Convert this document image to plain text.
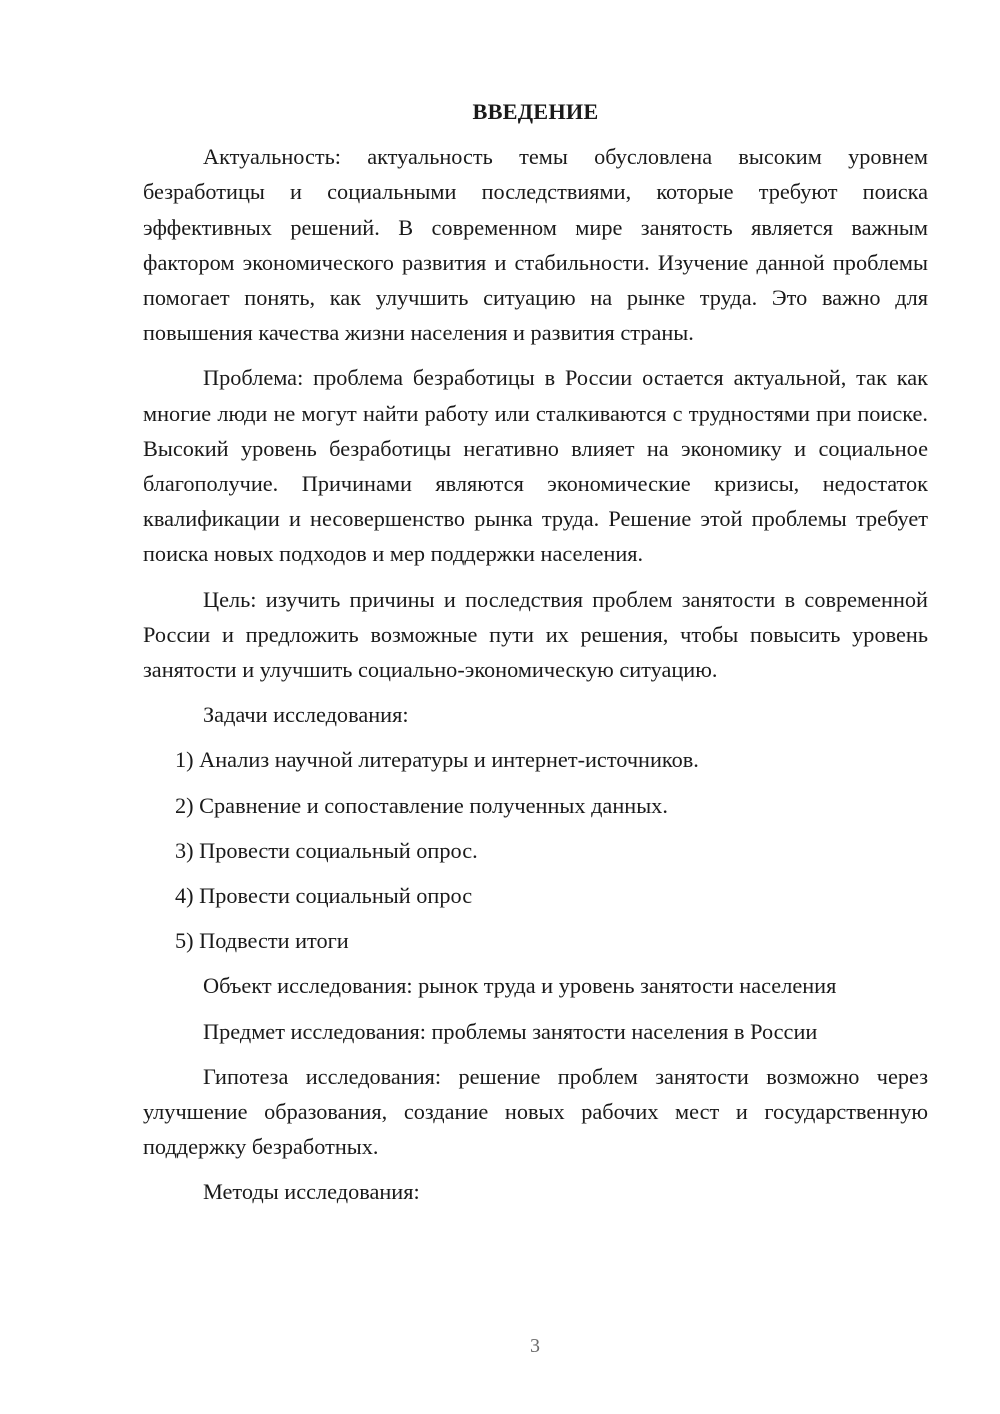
ВВЕДЕНИЕ

Актуальность: актуальность темы обусловлена высоким уровнем безработицы и социальными последствиями, которые требуют поиска эффективных решений. В современном мире занятость является важным фактором экономического развития и стабильности. Изучение данной проблемы помогает понять, как улучшить ситуацию на рынке труда. Это важно для повышения качества жизни населения и развития страны.

Проблема: проблема безработицы в России остается актуальной, так как многие люди не могут найти работу или сталкиваются с трудностями при поиске. Высокий уровень безработицы негативно влияет на экономику и социальное благополучие. Причинами являются экономические кризисы, недостаток квалификации и несовершенство рынка труда. Решение этой проблемы требует поиска новых подходов и мер поддержки населения.

Цель: изучить причины и последствия проблем занятости в современной России и предложить возможные пути их решения, чтобы повысить уровень занятости и улучшить социально-экономическую ситуацию.

Задачи исследования:

1) Анализ научной литературы и интернет-источников.
2) Сравнение и сопоставление полученных данных.
3) Провести социальный опрос.
4) Провести социальный опрос
5) Подвести итоги

Объект исследования: рынок труда и уровень занятости населения

Предмет исследования: проблемы занятости населения в России

Гипотеза исследования: решение проблем занятости возможно через улучшение образования, создание новых рабочих мест и государственную поддержку безработных.

Методы исследования:

3
